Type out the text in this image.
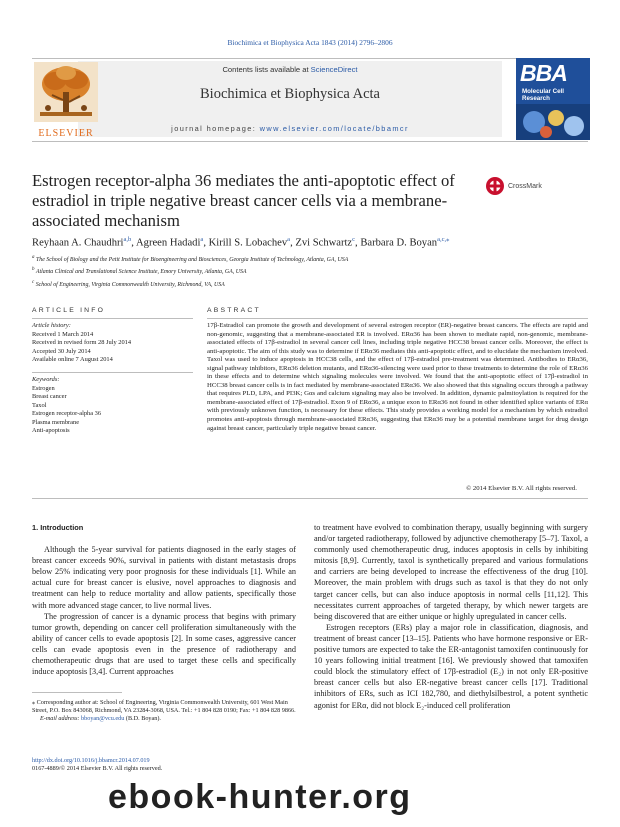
Biochimica et Biophysica Acta 1843 (2014) 2796–2806
ELSEVIER
Contents lists available at ScienceDirect
Biochimica et Biophysica Acta
journal homepage: www.elsevier.com/locate/bbamcr
BBA
Molecular Cell
Research
Estrogen receptor-alpha 36 mediates the anti-apoptotic effect of estradiol in triple negative breast cancer cells via a membrane-associated mechanism
CrossMark
Reyhaan A. Chaudhri$^{a,b}$, Agreen Hadadi$^a$, Kirill S. Lobachev$^a$, Zvi Schwartz$^c$, Barbara D. Boyan$^{a,c,⁎}$
$^a$ The School of Biology and the Petit Institute for Bioengineering and Biosciences, Georgia Institute of Technology, Atlanta, GA, USA
$^b$ Atlanta Clinical and Translational Science Institute, Emory University, Atlanta, GA, USA
$^c$ School of Engineering, Virginia Commonwealth University, Richmond, VA, USA
ARTICLE INFO	ABSTRACT
Article history:
Received 1 March 2014
Received in revised form 28 July 2014
Accepted 30 July 2014
Available online 7 August 2014
Keywords:
Estrogen
Breast cancer
Taxol
Estrogen receptor-alpha 36
Plasma membrane
Anti-apoptosis
17β-Estradiol can promote the growth and development of several estrogen receptor (ER)-negative breast cancers. The effects are rapid and non-genomic, suggesting that a membrane-associated ER is involved. ERα36 has been shown to mediate rapid, non-genomic, membrane-associated effects of 17β-estradiol in several cancer cell lines, including triple negative HCC38 breast cancer cells. Moreover, the effect is anti-apoptotic. The aim of this study was to determine if ERα36 mediates this anti-apoptotic effect, and to elucidate the mechanism involved. Taxol was used to induce apoptosis in HCC38 cells, and the effect of 17β-estradiol pre-treatment was determined. Antibodies to ERα36, signal pathway inhibitors, ERα36 deletion mutants, and ERα36-silencing were used prior to these treatments to determine the role of ERα36 in these effects and to determine which signaling molecules were involved. We found that the anti-apoptotic effect of 17β-estradiol in HCC38 breast cancer cells is in fact mediated by membrane-associated ERα36. We also showed that this signaling occurs through a pathway that requires PLD, LPA, and PI3K; Gαs and calcium signaling may also be involved. In addition, dynamic palmitoylation is required for the membrane-associated effect of 17β-estradiol. Exon 9 of ERα36, a unique exon to ERα36 not found in other identified splice variants of ERα with previously unknown function, is necessary for these effects. This study provides a working model for a mechanism by which estradiol promotes anti-apoptosis through membrane-associated ERα36, suggesting that ERα36 may be a potential membrane target for drug design against breast cancer, particularly triple negative breast cancer.
© 2014 Elsevier B.V. All rights reserved.

1. Introduction

Although the 5-year survival for patients diagnosed in the early stages of breast cancer exceeds 90%, survival in patients with distant metastasis drops below 25% indicating very poor prognosis for these individuals [1]. While an actual cure for breast cancer is elusive, novel approaches to diagnosis and treatment can help to reduce mortality and allow patients, specifically those with more advanced stage cancer, to live normal lives.

The progression of cancer is a dynamic process that begins with primary tumor growth, depending on cancer cell proliferation simultaneously with the ability of cancer cells to evade apoptosis [2]. In some cases, aggressive cancer cells can evade apoptosis even in the presence of radiotherapy and chemotherapeutic drugs that are used to target these cells and specifically induce apoptosis [3,4]. Current approaches

to treatment have evolved to combination therapy, usually beginning with surgery and/or targeted radiotherapy, followed by adjunctive chemotherapy [5–7]. Taxol, a commonly used chemotherapeutic drug, induces apoptosis in cells by inhibiting mitosis [8,9]. Currently, taxol is synthetically prepared and various formulations and carriers are being developed to increase the effectiveness of the drug [10]. Moreover, the main problem with drugs such as taxol is that they do not only target cancer cells, but can also induce apoptosis in normal cells [11,12]. This necessitates current approaches of targeted therapy, by which newer targets are being discovered that are either unique or highly upregulated in cancer cells.

Estrogen receptors (ERs) play a major role in classification, diagnosis, and treatment of breast cancer [13–15]. Patients who have hormone responsive or ER-positive tumors are expected to take the ER-antagonist tamoxifen continuously for 10 years following initial treatment [16]. We previously showed that tamoxifen could block the stimulatory effect of 17β-estradiol (E₂) in not only ER-positive breast cancer cells but also ER-negative breast cancer cells [17]. Traditional inhibitors of ERs, such as ICI 182,780, and diethylsilbestrol, a potent synthetic agonist for ERα, did not block E₂-induced cell proliferation

⁎ Corresponding author at: School of Engineering, Virginia Commonwealth University, 601 West Main Street, P.O. Box 843068, Richmond, VA 23284-3068, USA. Tel.: +1 804 828 0190; Fax: +1 804 828 9866.
E-mail address: bboyan@vcu.edu (B.D. Boyan).
http://dx.doi.org/10.1016/j.bbamcr.2014.07.019
0167-4889/© 2014 Elsevier B.V. All rights reserved.
ebook-hunter.org
